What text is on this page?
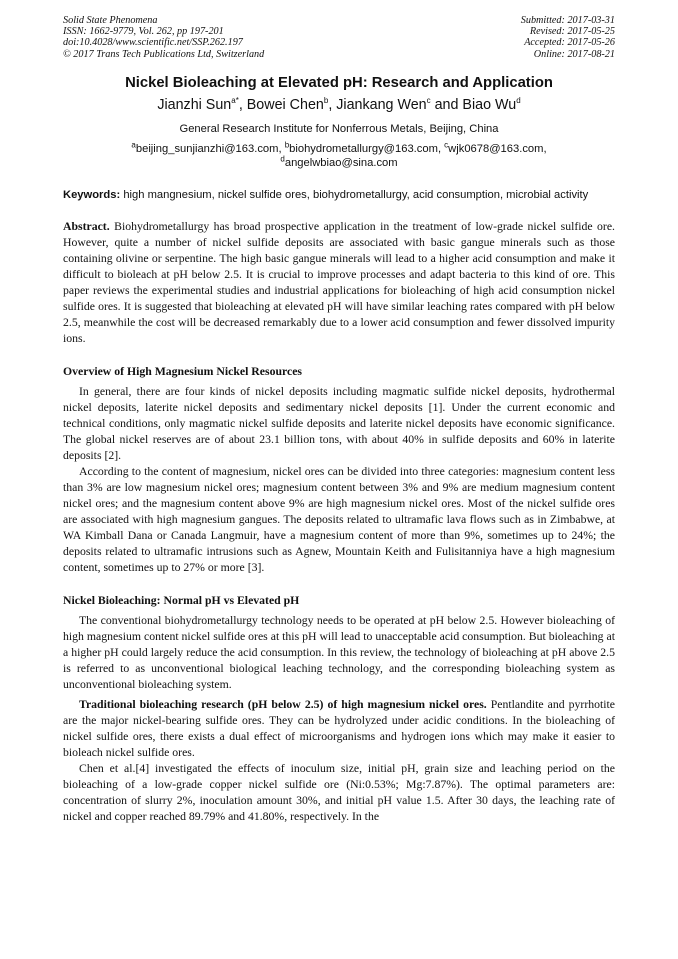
Solid State Phenomena
ISSN: 1662-9779, Vol. 262, pp 197-201
doi:10.4028/www.scientific.net/SSP.262.197
© 2017 Trans Tech Publications Ltd, Switzerland
Submitted: 2017-03-31
Revised: 2017-05-25
Accepted: 2017-05-26
Online: 2017-08-21
Nickel Bioleaching at Elevated pH: Research and Application
Jianzhi Sun$^{a*}$, Bowei Chen$^b$, Jiankang Wen$^c$ and Biao Wu$^d$
General Research Institute for Nonferrous Metals, Beijing, China
$^a$beijing_sunjianzhi@163.com, $^b$biohydrometallurgy@163.com, $^c$wjk0678@163.com,
$^d$angelwbiao@sina.com

Keywords: high mangnesium, nickel sulfide ores, biohydrometallurgy, acid consumption, microbial activity

Abstract. Biohydrometallurgy has broad prospective application in the treatment of low-grade nickel sulfide ore. However, quite a number of nickel sulfide deposits are associated with basic gangue minerals such as those containing olivine or serpentine. The high basic gangue minerals will lead to a higher acid consumption and make it difficult to bioleach at pH below 2.5. It is crucial to improve processes and adapt bacteria to this kind of ore. This paper reviews the experimental studies and industrial applications for bioleaching of high acid consumption nickel sulfide ores. It is suggested that bioleaching at elevated pH will have similar leaching rates compared with pH below 2.5, meanwhile the cost will be decreased remarkably due to a lower acid consumption and fewer dissolved impurity ions.

Overview of High Magnesium Nickel Resources

In general, there are four kinds of nickel deposits including magmatic sulfide nickel deposits, hydrothermal nickel deposits, laterite nickel deposits and sedimentary nickel deposits [1]. Under the current economic and technical conditions, only magmatic nickel sulfide deposits and laterite nickel deposits have economic significance. The global nickel reserves are of about 23.1 billion tons, with about 40% in sulfide deposits and 60% in laterite deposits [2].

According to the content of magnesium, nickel ores can be divided into three categories: magnesium content less than 3% are low magnesium nickel ores; magnesium content between 3% and 9% are medium magnesium content nickel ores; and the magnesium content above 9% are high magnesium nickel ores. Most of the nickel sulfide ores are associated with high magnesium gangues. The deposits related to ultramafic lava flows such as in Zimbabwe, at WA Kimball Dana or Canada Langmuir, have a magnesium content of more than 9%, sometimes up to 24%; the deposits related to ultramafic intrusions such as Agnew, Mountain Keith and Fulisitanniya have a high magnesium content, sometimes up to 27% or more [3].

Nickel Bioleaching: Normal pH vs Elevated pH

The conventional biohydrometallurgy technology needs to be operated at pH below 2.5. However bioleaching of high magnesium content nickel sulfide ores at this pH will lead to unacceptable acid consumption. But bioleaching at a higher pH could largely reduce the acid consumption. In this review, the technology of bioleaching at pH above 2.5 is referred to as unconventional biological leaching technology, and the corresponding bioleaching system as unconventional bioleaching system.

Traditional bioleaching research (pH below 2.5) of high magnesium nickel ores. Pentlandite and pyrrhotite are the major nickel-bearing sulfide ores. They can be hydrolyzed under acidic conditions. In the bioleaching of nickel sulfide ores, there exists a dual effect of microorganisms and hydrogen ions which may make it easier to bioleach nickel sulfide ores.

Chen et al.[4] investigated the effects of inoculum size, initial pH, grain size and leaching period on the bioleaching of a low-grade copper nickel sulfide ore (Ni:0.53%; Mg:7.87%). The optimal parameters are: concentration of slurry 2%, inoculation amount 30%, and initial pH value 1.5. After 30 days, the leaching rate of nickel and copper reached 89.79% and 41.80%, respectively. In the
